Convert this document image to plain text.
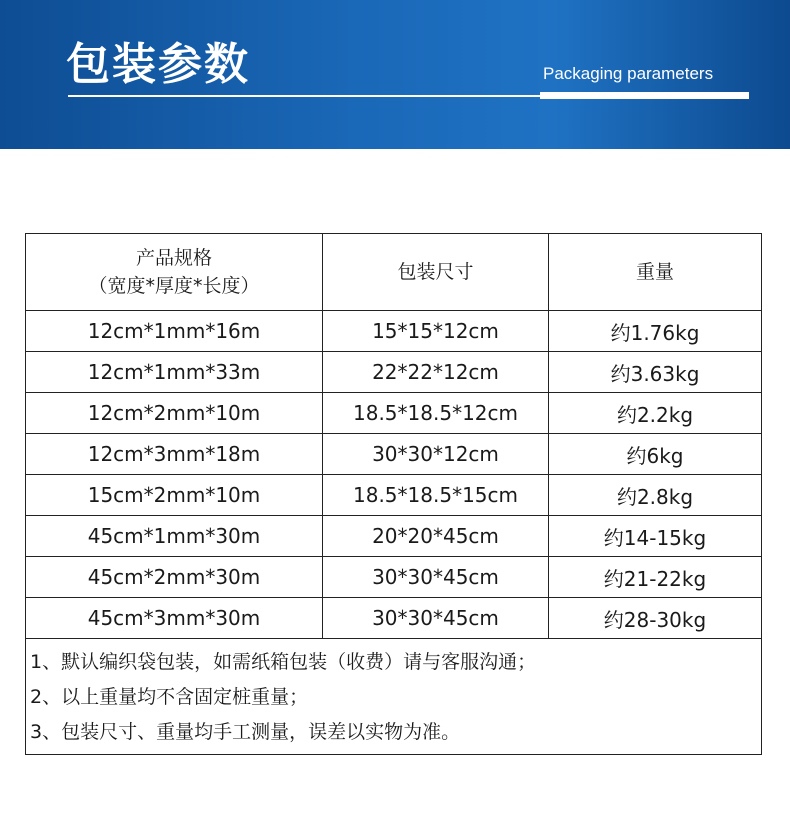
包装参数	Packaging parameters
产品规格
（宽度*厚度*长度）	包装尺寸	重量

12cm*1mm*16m	15*15*12cm	约1.76kg
12cm*1mm*33m	22*22*12cm	约3.63kg
12cm*2mm*10m	18.5*18.5*12cm	约2.2kg
12cm*3mm*18m	30*30*12cm	约6kg
15cm*2mm*10m	18.5*18.5*15cm	约2.8kg
45cm*1mm*30m	20*20*45cm	约14-15kg
45cm*2mm*30m	30*30*45cm	约21-22kg
45cm*3mm*30m	30*30*45cm	约28-30kg
1、默认编织袋包装，如需纸箱包装（收费）请与客服沟通；
2、以上重量均不含固定桩重量；
3、包装尺寸、重量均手工测量，误差以实物为准。
